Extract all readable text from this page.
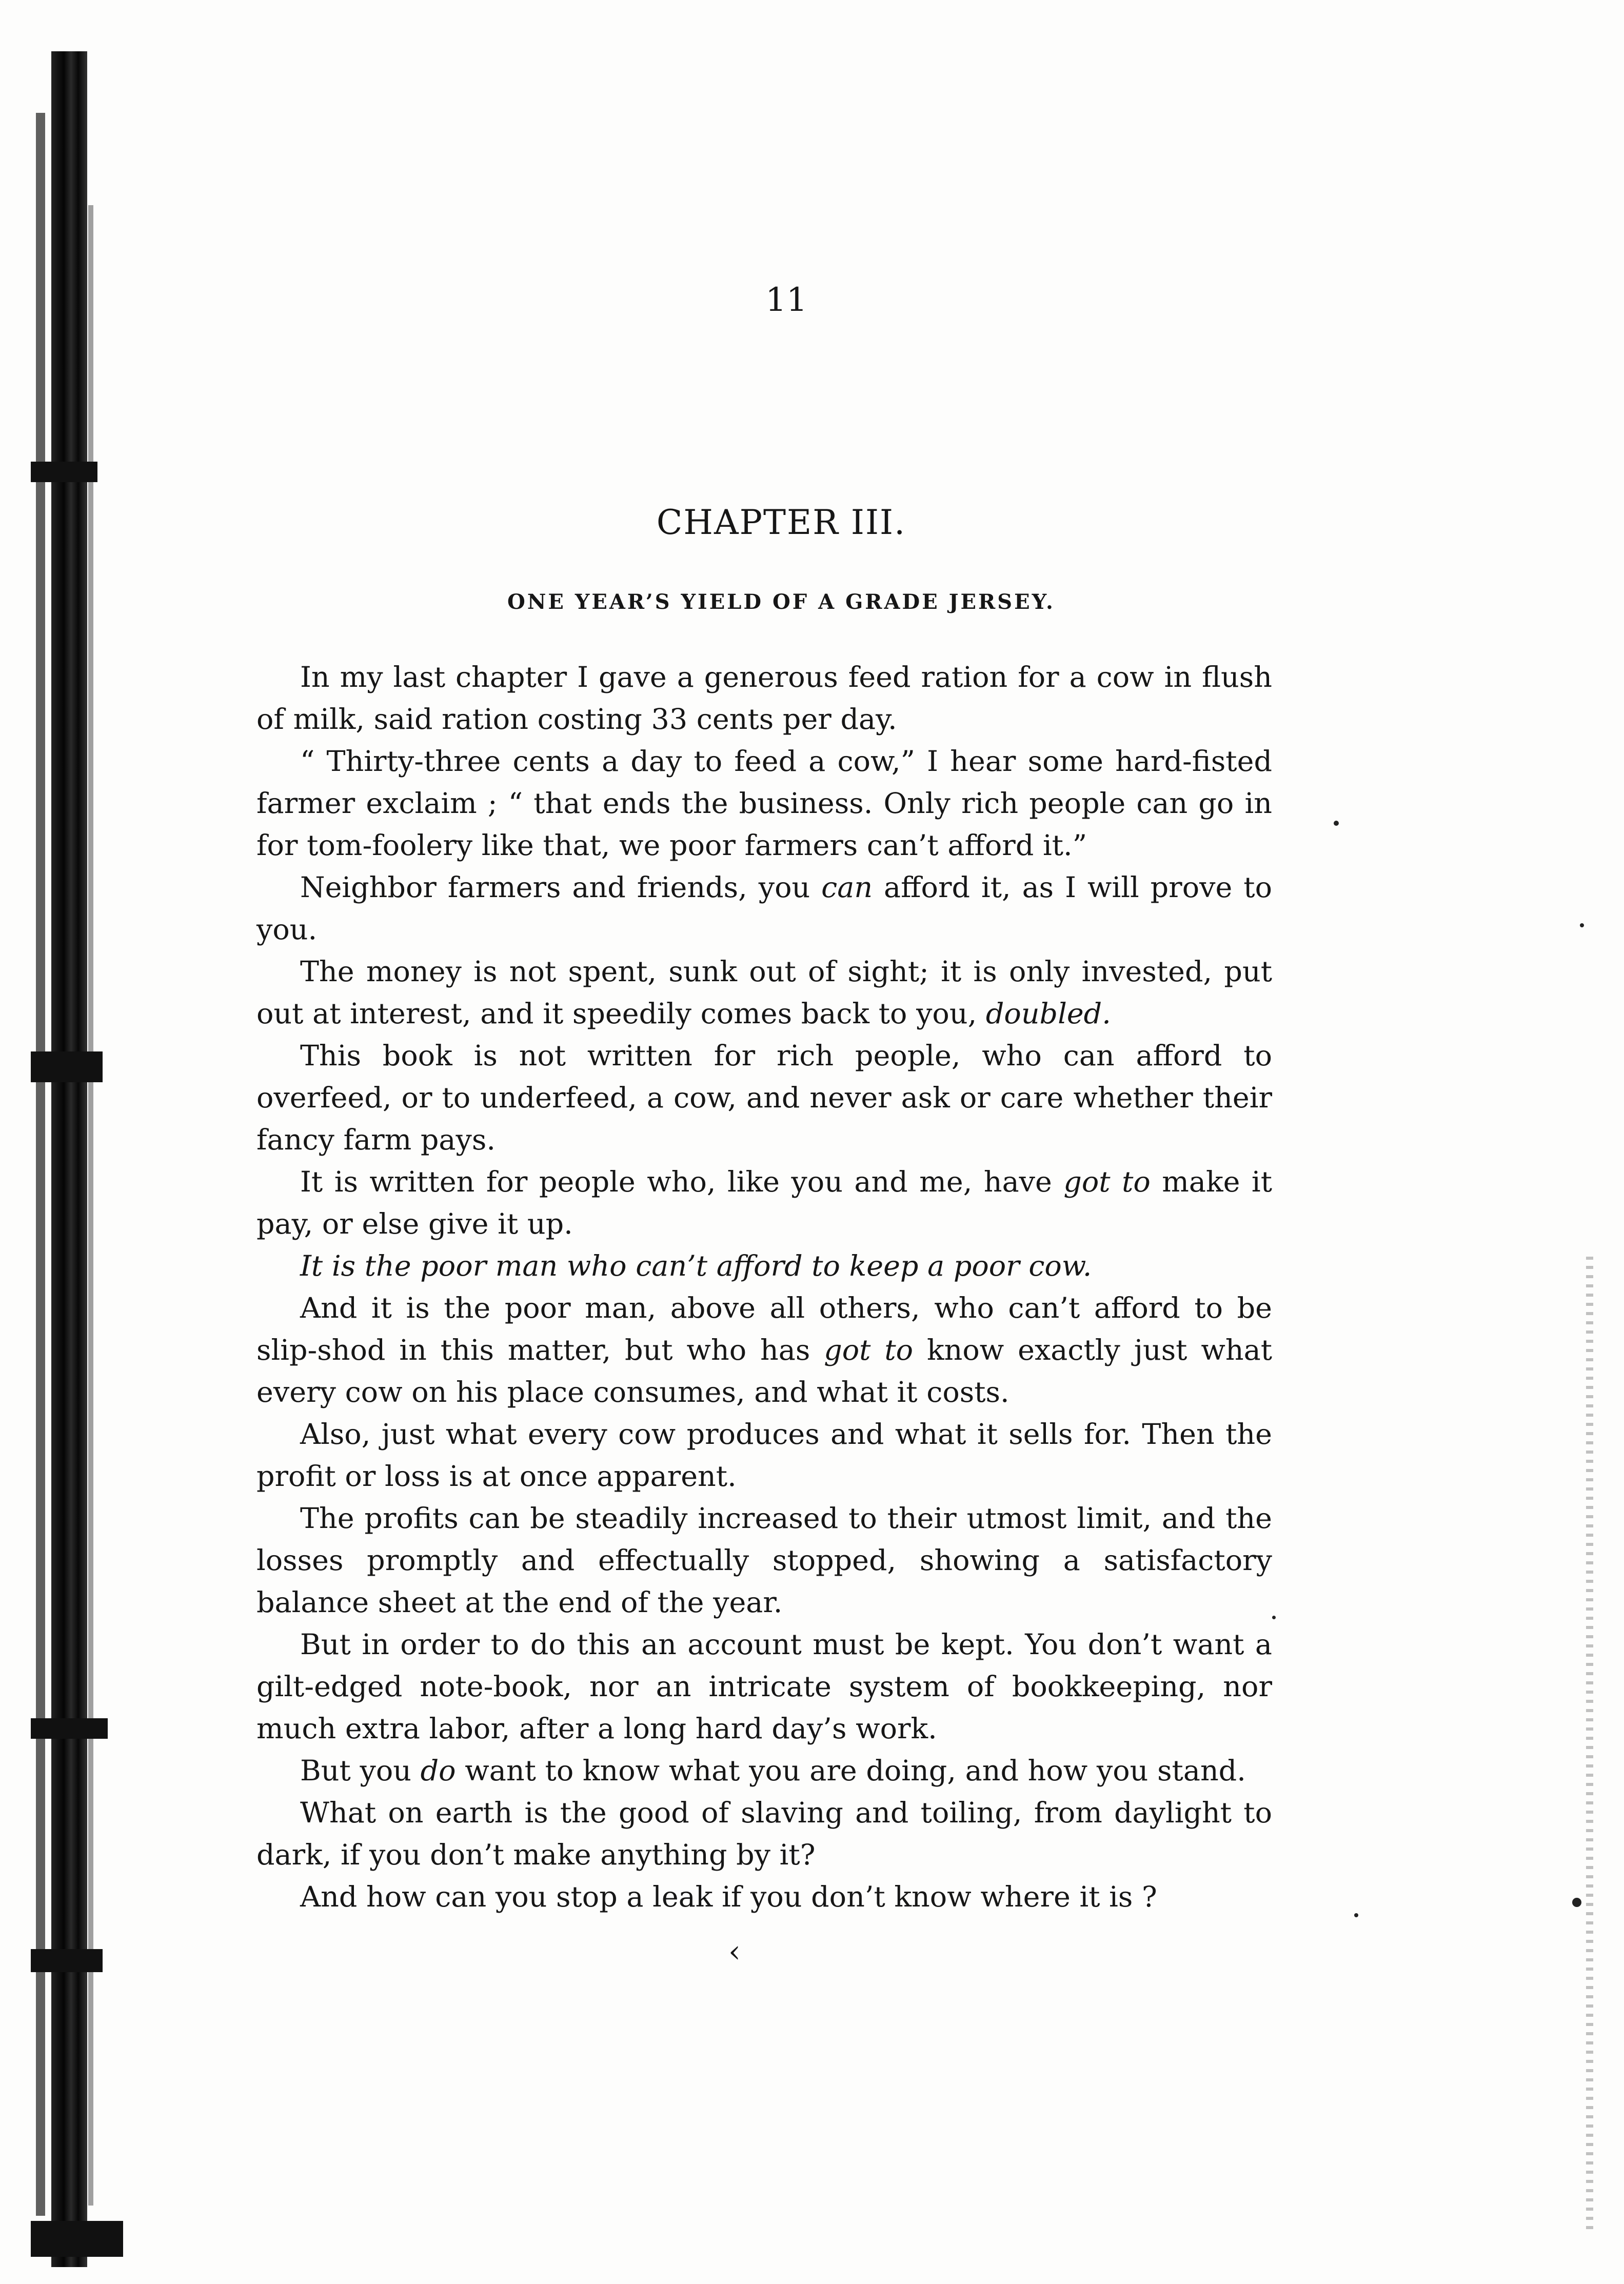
11
CHAPTER III.
ONE YEAR’S YIELD OF A GRADE JERSEY.

In my last chapter I gave a generous feed ration for a cow in flush of milk, said ration costing 33 cents per day.

“ Thirty-three cents a day to feed a cow,” I hear some hard-fisted farmer exclaim ; “ that ends the business. Only rich people can go in for tom-foolery like that, we poor farmers can’t afford it.”

Neighbor farmers and friends, you can afford it, as I will prove to you.

The money is not spent, sunk out of sight; it is only invested, put out at interest, and it speedily comes back to you, doubled.

This book is not written for rich people, who can afford to overfeed, or to underfeed, a cow, and never ask or care whether their fancy farm pays.

It is written for people who, like you and me, have got to make it pay, or else give it up.

It is the poor man who can’t afford to keep a poor cow.

And it is the poor man, above all others, who can’t afford to be slip-shod in this matter, but who has got to know exactly just what every cow on his place consumes, and what it costs.

Also, just what every cow produces and what it sells for. Then the profit or loss is at once apparent.

The profits can be steadily increased to their utmost limit, and the losses promptly and effectually stopped, showing a satisfactory balance sheet at the end of the year.

But in order to do this an account must be kept. You don’t want a gilt-edged note-book, nor an intricate system of bookkeeping, nor much extra labor, after a long hard day’s work.

But you do want to know what you are doing, and how you stand.

What on earth is the good of slaving and toiling, from daylight to dark, if you don’t make anything by it?

And how can you stop a leak if you don’t know where it is ?

‹
